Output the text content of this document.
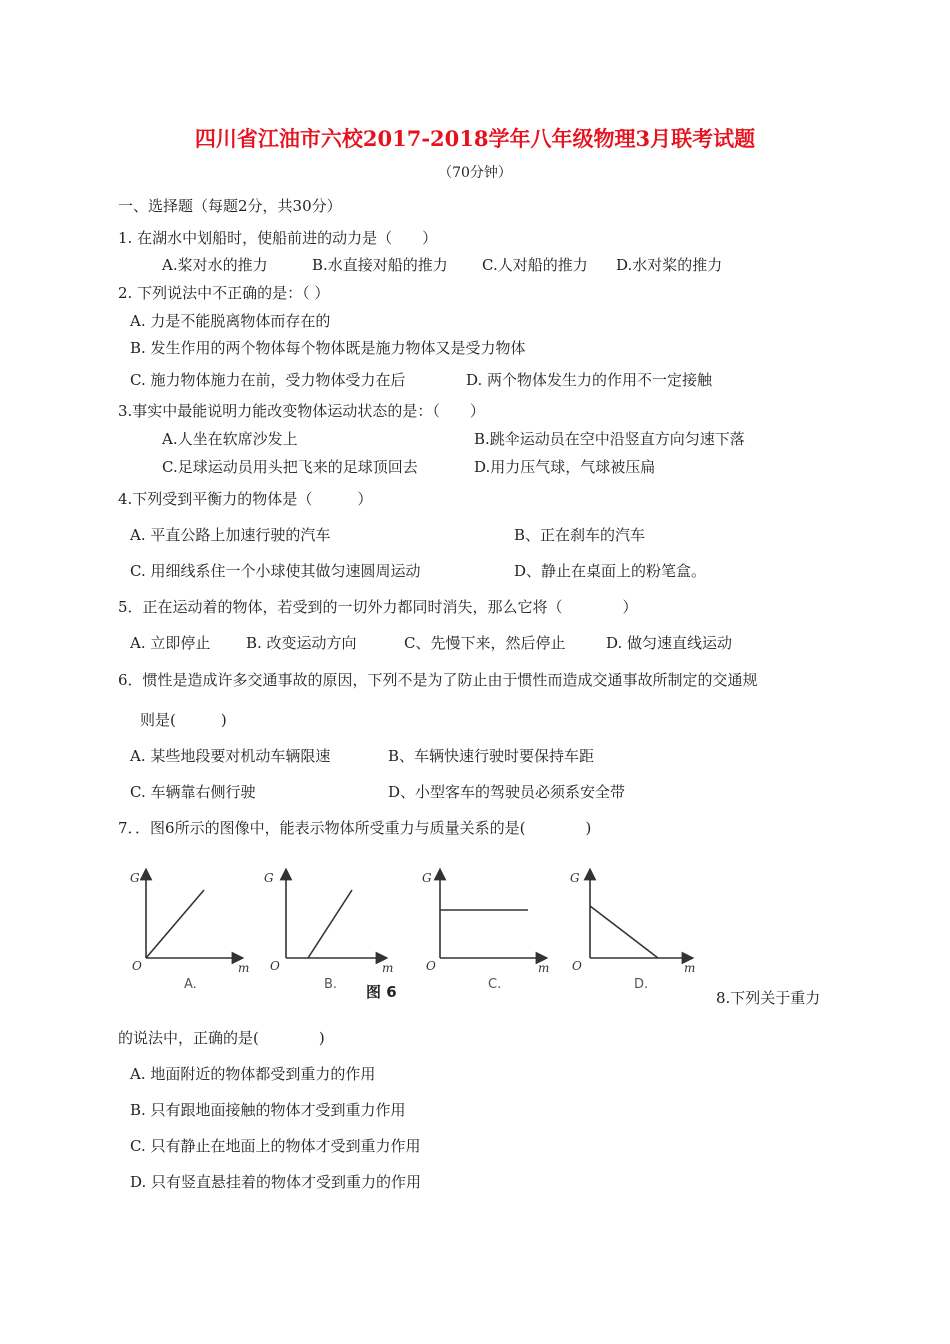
四川省江油市六校2017-2018学年八年级物理3月联考试题
（70分钟）
一、选择题（每题2分，共30分）
1. 在湖水中划船时，使船前进的动力是（　　）
A.桨对水的推力	B.水直接对船的推力 C.人对船的推力 D.水对桨的推力
2. 下列说法中不正确的是：（ ）
A. 力是不能脱离物体而存在的
B. 发生作用的两个物体每个物体既是施力物体又是受力物体
C. 施力物体施力在前，受力物体受力在后	D. 两个物体发生力的作用不一定接触
3.事实中最能说明力能改变物体运动状态的是：（　　）
A.人坐在软席沙发上	B.跳伞运动员在空中沿竖直方向匀速下落
C.足球运动员用头把飞来的足球顶回去	D.用力压气球，气球被压扁
4.下列受到平衡力的物体是（　　　）
A. 平直公路上加速行驶的汽车	B、正在刹车的汽车
C. 用细线系住一个小球使其做匀速圆周运动	D、静止在桌面上的粉笔盒。
5．正在运动着的物体，若受到的一切外力都同时消失，那么它将（　　　　）
A. 立即停止 B. 改变运动方向	C、先慢下来，然后停止	D. 做匀速直线运动
6．惯性是造成许多交通事故的原因，下列不是为了防止由于惯性而造成交通事故所制定的交通规
则是(　　　)
A. 某些地段要对机动车辆限速	B、车辆快速行驶时要保持车距
C. 车辆靠右侧行驶	D、小型客车的驾驶员必须系安全带
7．．图6所示的图像中，能表示物体所受重力与质量关系的是(　　　　)
G
O	m
A.
G
O	m
B. 图 6
G
O	m
C.
G
O	m
D.
8.下列关于重力
的说法中，正确的是(　　　　)
A. 地面附近的物体都受到重力的作用
B. 只有跟地面接触的物体才受到重力作用
C. 只有静止在地面上的物体才受到重力作用
D. 只有竖直悬挂着的物体才受到重力的作用
